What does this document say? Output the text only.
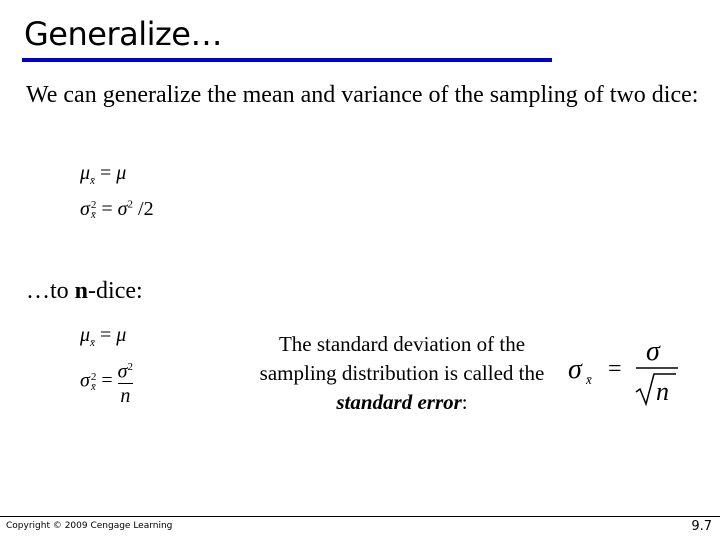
Generalize…
We can generalize the mean and variance of the sampling of two dice:
$\mu_{x̄} = \mu$
σ 2
x̄ = $\sigma^2$ /2
…to n-dice:
$\mu_{x̄} = \mu$
σ 2
x̄ = $\frac{\sigma^2}{n}$
The standard deviation of the sampling distribution is called the standard error:
σ x̄ =
σ
n
Copyright © 2009 Cengage Learning	9.7
